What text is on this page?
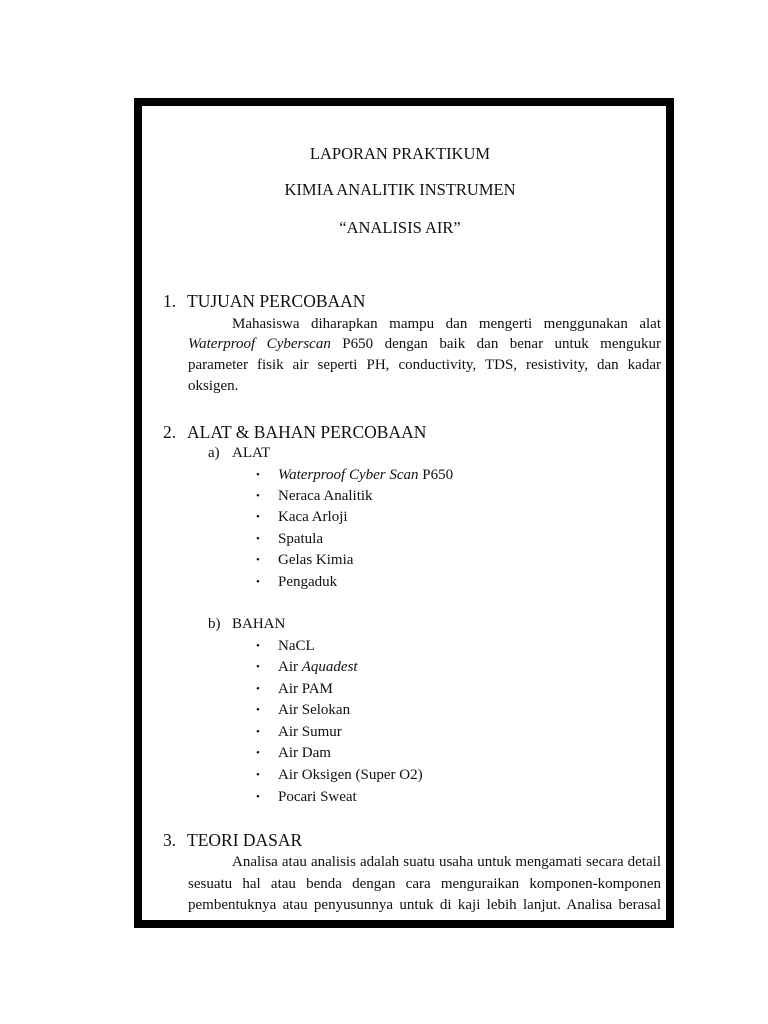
LAPORAN PRAKTIKUM
KIMIA ANALITIK INSTRUMEN
“ANALISIS AIR”
1. TUJUAN PERCOBAAN
Mahasiswa diharapkan mampu dan mengerti menggunakan alat
Waterproof Cyberscan P650 dengan baik dan benar untuk mengukur
parameter fisik air seperti PH, conductivity, TDS, resistivity, dan kadar
oksigen.
2. ALAT & BAHAN PERCOBAAN
a) ALAT
• Waterproof Cyber Scan P650
• Neraca Analitik
• Kaca Arloji
• Spatula
• Gelas Kimia
• Pengaduk
b) BAHAN
• NaCL
• Air Aquadest
• Air PAM
• Air Selokan
• Air Sumur
• Air Dam
• Air Oksigen (Super O2)
• Pocari Sweat
3. TEORI DASAR
Analisa atau analisis adalah suatu usaha untuk mengamati secara detail
sesuatu hal atau benda dengan cara menguraikan komponen-komponen
pembentuknya atau penyusunnya untuk di kaji lebih lanjut. Analisa berasal
